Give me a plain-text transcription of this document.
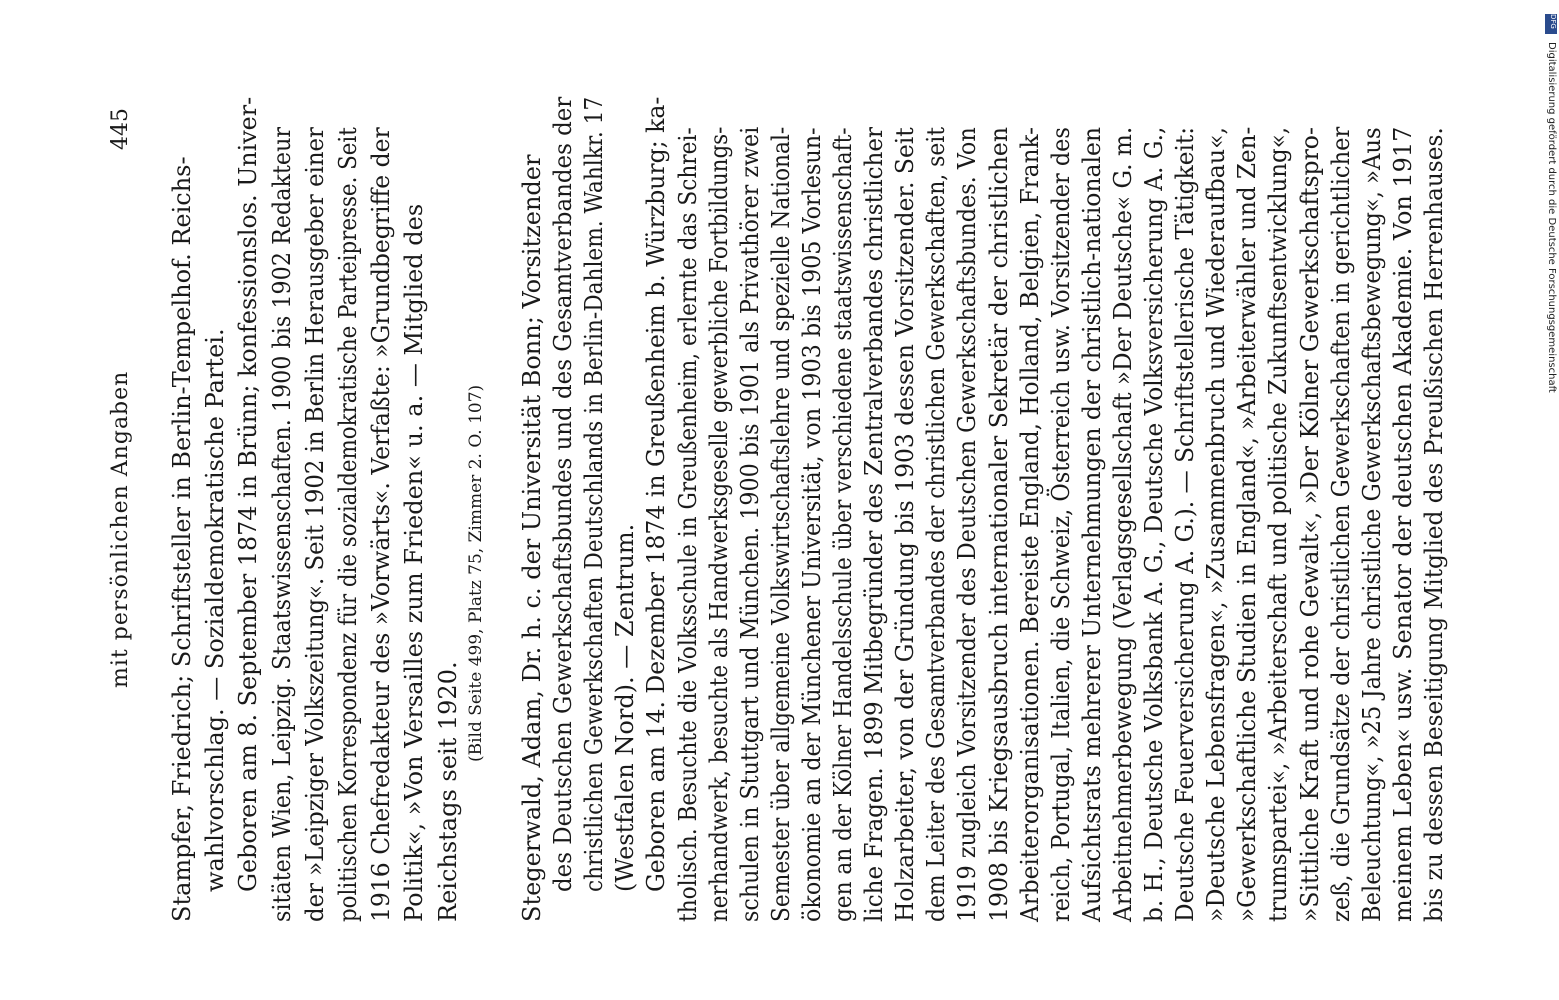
mit persönlichen Angaben
445
Stampfer, Friedrich; Schriftsteller in Berlin-Tempelhof. Reichs- wahlvorschlag. — Sozialdemokratische Partei. Geboren am 8. September 1874 in Brünn; konfessionslos. Univer- sitäten Wien, Leipzig. Staatswissenschaften. 1900 bis 1902 Redakteur der »Leipziger Volkszeitung«. Seit 1902 in Berlin Herausgeber einer politischen Korrespondenz für die sozialdemokratische Parteipresse. Seit 1916 Chefredakteur des »Vorwärts«. Verfaßte: »Grundbegriffe der Politik«, »Von Versailles zum Frieden« u. a. — Mitglied des Reichstags seit 1920.
(Bild Seite 499, Platz 75, Zimmer 2. O. 107) Stegerwald, Adam, Dr. h. c. der Universität Bonn; Vorsitzender des Deutschen Gewerkschaftsbundes und des Gesamtverbandes der christlichen Gewerkschaften Deutschlands in Berlin-Dahlem. Wahlkr. 17 (Westfalen Nord). — Zentrum. Geboren am 14. Dezember 1874 in Greußenheim b. Würzburg; ka- tholisch. Besuchte die Volksschule in Greußenheim, erlernte das Schrei- nerhandwerk, besuchte als Handwerksgeselle gewerbliche Fortbildungs- schulen in Stuttgart und München. 1900 bis 1901 als Privathörer zwei Semester über allgemeine Volkswirtschaftslehre und spezielle National- ökonomie an der Münchener Universität, von 1903 bis 1905 Vorlesun- gen an der Kölner Handelsschule über verschiedene staatswissenschaft- liche Fragen. 1899 Mitbegründer des Zentralverbandes christlicher Holzarbeiter, von der Gründung bis 1903 dessen Vorsitzender. Seit dem Leiter des Gesamtverbandes der christlichen Gewerkschaften, seit 1919 zugleich Vorsitzender des Deutschen Gewerkschaftsbundes. Von 1908 bis Kriegsausbruch internationaler Sekretär der christlichen Arbeiterorganisationen. Bereiste England, Holland, Belgien, Frank- reich, Portugal, Italien, die Schweiz, Österreich usw. Vorsitzender des Aufsichtsrats mehrerer Unternehmungen der christlich-nationalen Arbeitnehmerbewegung (Verlagsgesellschaft »Der Deutsche« G. m. b. H., Deutsche Volksbank A. G., Deutsche Volksversicherung A. G., Deutsche Feuerversicherung A. G.). — Schriftstellerische Tätigkeit: »Deutsche Lebensfragen«, »Zusammenbruch und Wiederaufbau«, »Gewerkschaftliche Studien in England«, »Arbeiterwähler und Zen- trumspartei«, »Arbeiterschaft und politische Zukunftsentwicklung«, »Sittliche Kraft und rohe Gewalt«, »Der Kölner Gewerkschaftspro- zeß, die Grundsätze der christlichen Gewerkschaften in gerichtlicher Beleuchtung«, »25 Jahre christliche Gewerkschaftsbewegung«, »Aus meinem Leben« usw. Senator der deutschen Akademie. Von 1917 bis zu dessen Beseitigung Mitglied des Preußischen Herrenhauses.
DFG
Digitalisierung gefördert durch die Deutsche Forschungsgemeinschaft
